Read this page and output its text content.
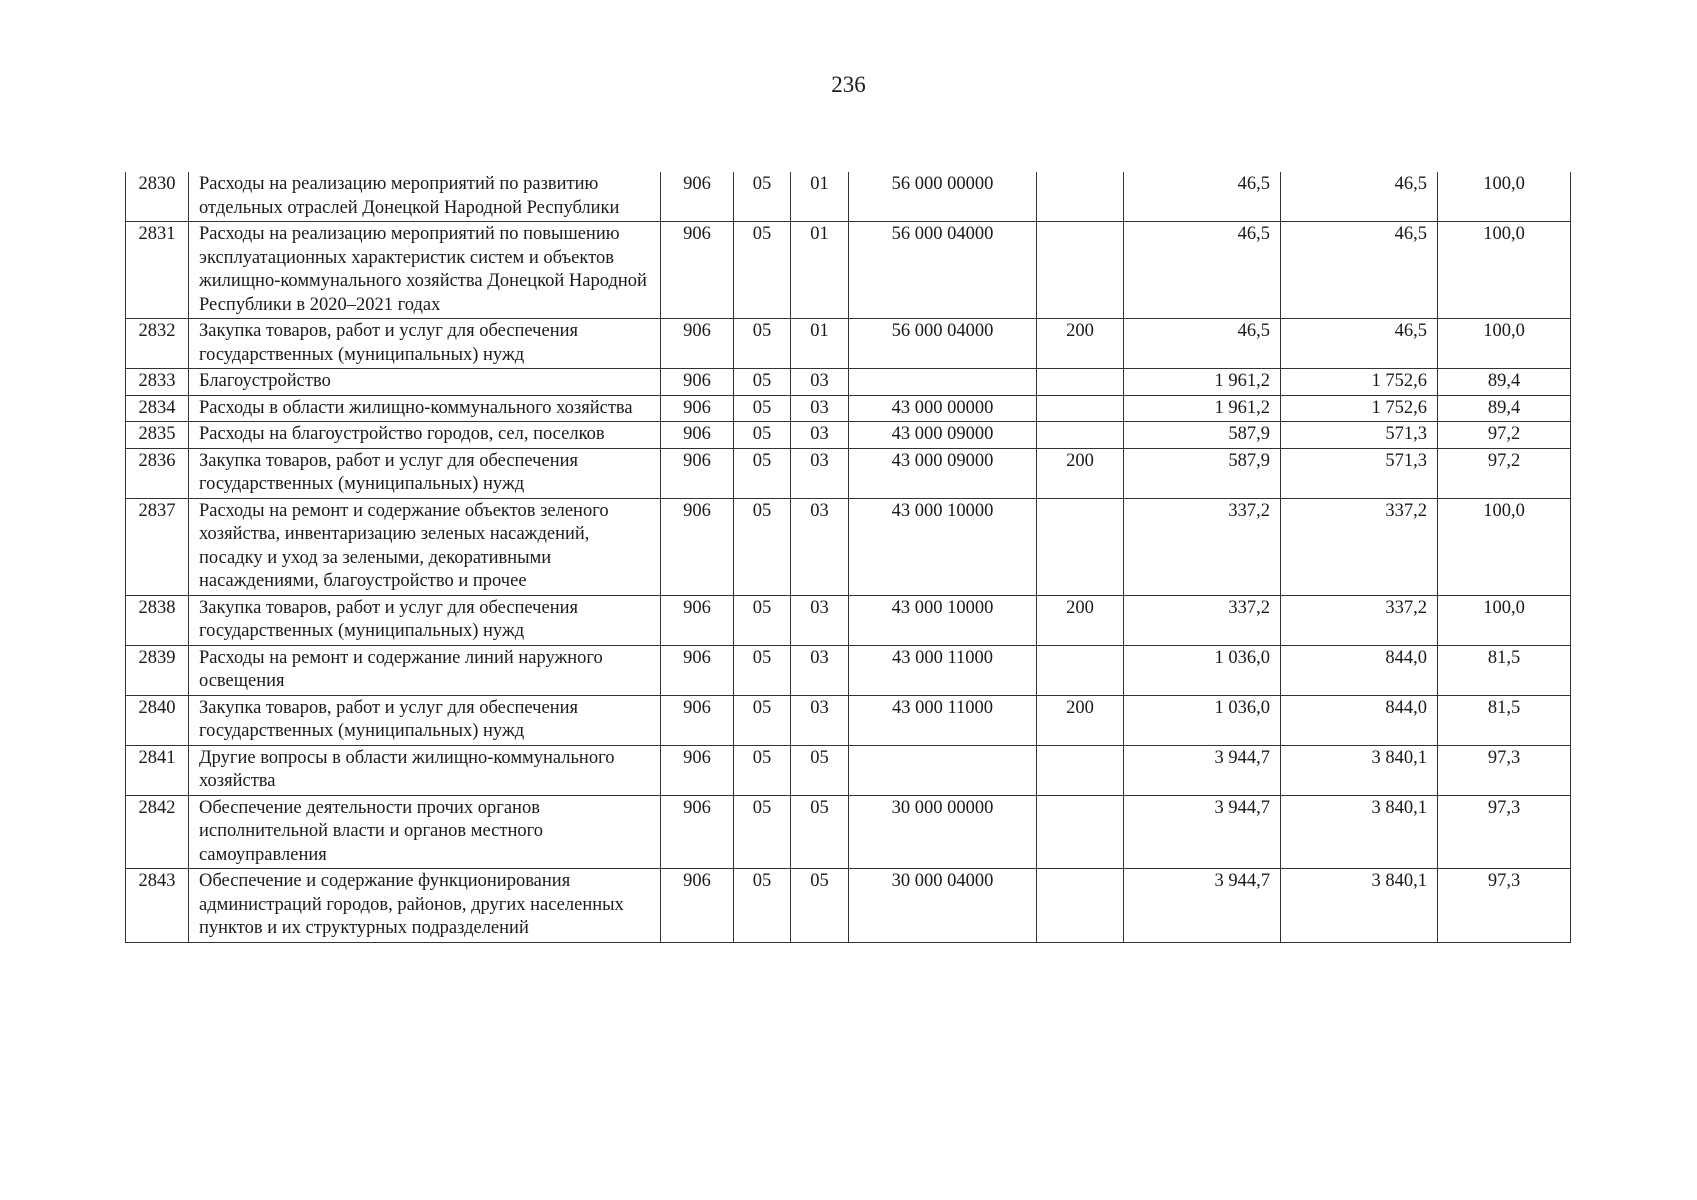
236
2830	Расходы на реализацию мероприятий по развитию отдельных отраслей Донецкой Народной Республики	906	05	01	56 000 00000		46,5	46,5	100,0
2831	Расходы на реализацию мероприятий по повышению эксплуатационных характеристик систем и объектов жилищно-коммунального хозяйства Донецкой Народной Республики в 2020–2021 годах	906	05	01	56 000 04000		46,5	46,5	100,0
2832	Закупка товаров, работ и услуг для обеспечения государственных (муниципальных) нужд	906	05	01	56 000 04000	200	46,5	46,5	100,0
2833	Благоустройство	906	05	03			1 961,2	1 752,6	89,4
2834	Расходы в области жилищно-коммунального хозяйства	906	05	03	43 000 00000		1 961,2	1 752,6	89,4
2835	Расходы на благоустройство городов, сел, поселков	906	05	03	43 000 09000		587,9	571,3	97,2
2836	Закупка товаров, работ и услуг для обеспечения государственных (муниципальных) нужд	906	05	03	43 000 09000	200	587,9	571,3	97,2
2837	Расходы на ремонт и содержание объектов зеленого хозяйства, инвентаризацию зеленых насаждений, посадку и уход за зелеными, декоративными насаждениями, благоустройство и прочее	906	05	03	43 000 10000		337,2	337,2	100,0
2838	Закупка товаров, работ и услуг для обеспечения государственных (муниципальных) нужд	906	05	03	43 000 10000	200	337,2	337,2	100,0
2839	Расходы на ремонт и содержание линий наружного освещения	906	05	03	43 000 11000		1 036,0	844,0	81,5
2840	Закупка товаров, работ и услуг для обеспечения государственных (муниципальных) нужд	906	05	03	43 000 11000	200	1 036,0	844,0	81,5
2841	Другие вопросы в области жилищно-коммунального хозяйства	906	05	05			3 944,7	3 840,1	97,3
2842	Обеспечение деятельности прочих органов исполнительной власти и органов местного самоуправления	906	05	05	30 000 00000		3 944,7	3 840,1	97,3
2843	Обеспечение и содержание функционирования администраций городов, районов, других населенных пунктов и их структурных подразделений	906	05	05	30 000 04000		3 944,7	3 840,1	97,3
